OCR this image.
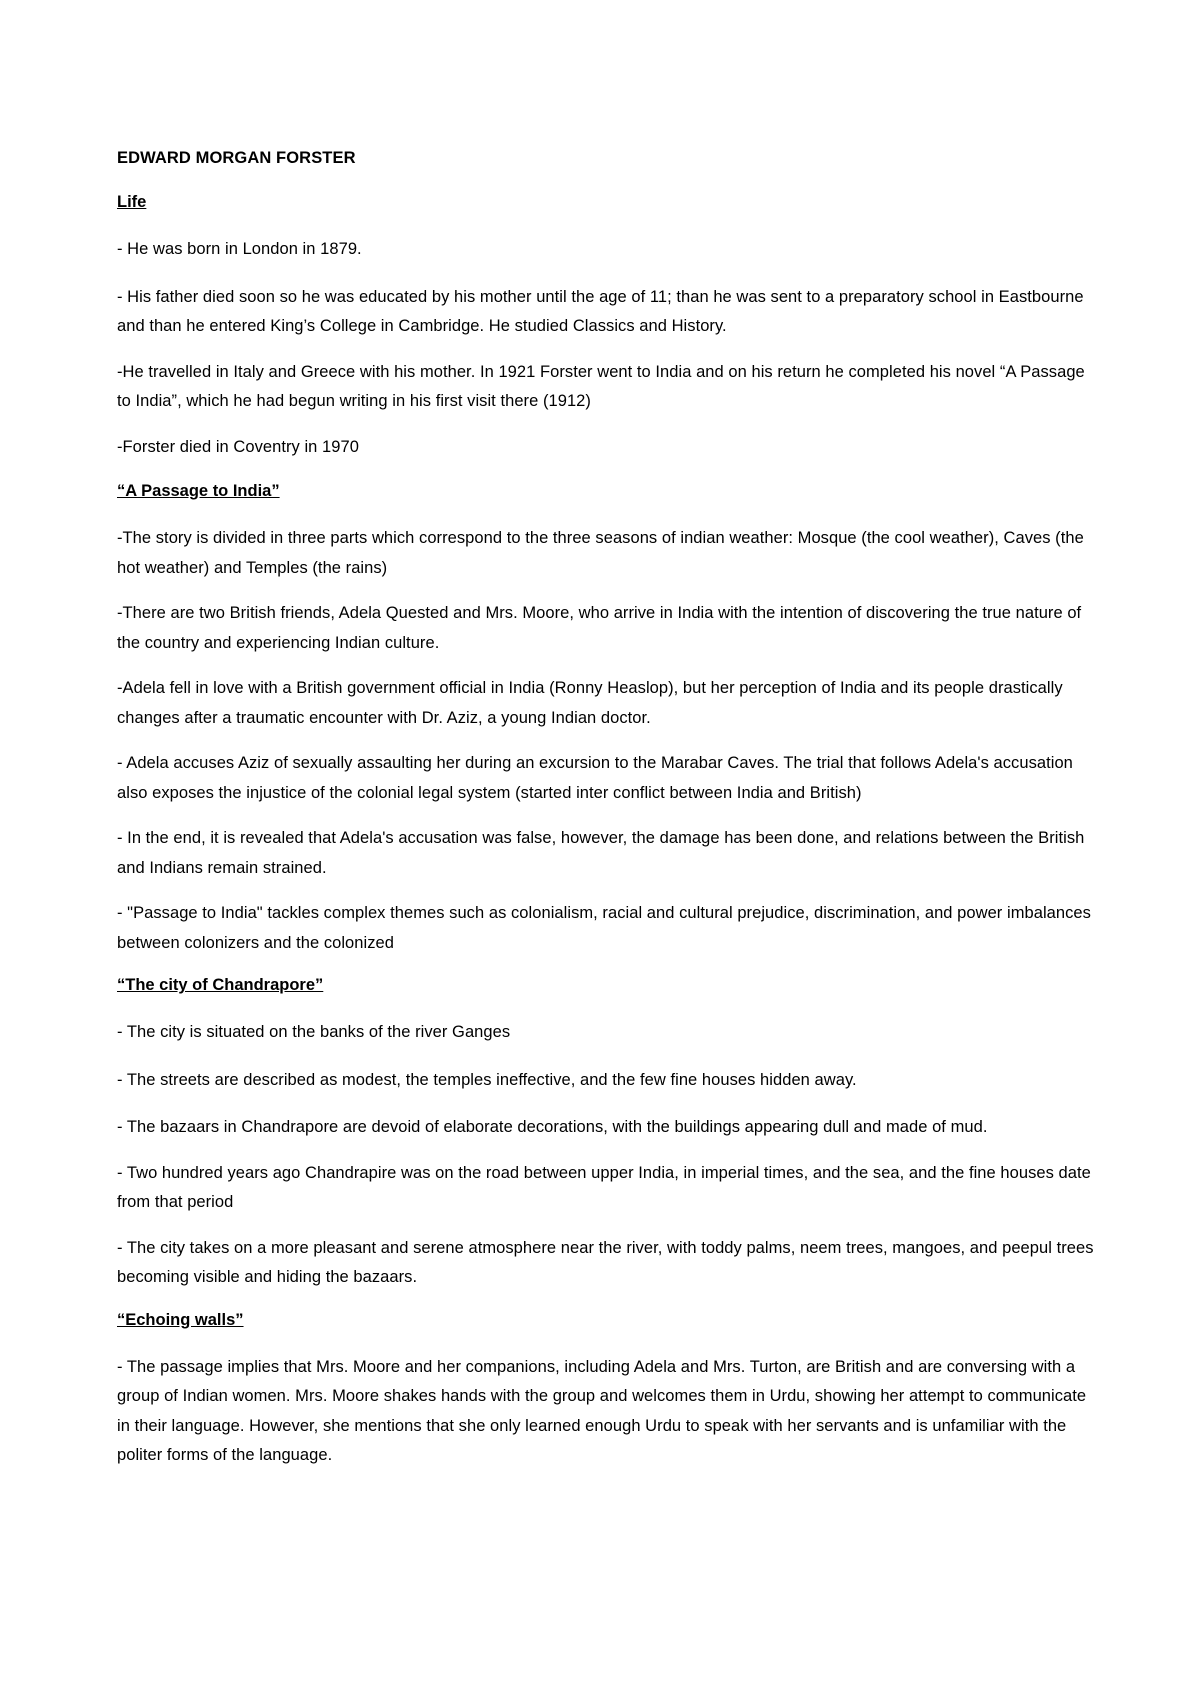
EDWARD MORGAN FORSTER
Life

- He was born in London in 1879.

- His father died soon so he was educated by his mother until the age of 11; than he was sent to a preparatory school in Eastbourne and than he entered King’s College in Cambridge. He studied Classics and History.

-He travelled in Italy and Greece with his mother. In 1921 Forster went to India and on his return he completed his novel “A Passage to India”, which he had begun writing in his first visit there (1912)

-Forster died in Coventry in 1970

“A Passage to India”

-The story is divided in three parts which correspond to the three seasons of indian weather: Mosque (the cool weather), Caves (the hot weather) and Temples (the rains)

-There are two British friends, Adela Quested and Mrs. Moore, who arrive in India with the intention of discovering the true nature of the country and experiencing Indian culture.

-Adela fell in love with a British government official in India (Ronny Heaslop), but her perception of India and its people drastically changes after a traumatic encounter with Dr. Aziz, a young Indian doctor.

- Adela accuses Aziz of sexually assaulting her during an excursion to the Marabar Caves. The trial that follows Adela's accusation also exposes the injustice of the colonial legal system (started inter conflict between India and British)

- In the end, it is revealed that Adela's accusation was false, however, the damage has been done, and relations between the British and Indians remain strained.

- "Passage to India" tackles complex themes such as colonialism, racial and cultural prejudice, discrimination, and power imbalances between colonizers and the colonized

“The city of Chandrapore”

- The city is situated on the banks of the river Ganges

- The streets are described as modest, the temples ineffective, and the few fine houses hidden away.

- The bazaars in Chandrapore are devoid of elaborate decorations, with the buildings appearing dull and made of mud.

- Two hundred years ago Chandrapire was on the road between upper India, in imperial times, and the sea, and the fine houses date from that period

- The city takes on a more pleasant and serene atmosphere near the river, with toddy palms, neem trees, mangoes, and peepul trees becoming visible and hiding the bazaars.

“Echoing walls”

- The passage implies that Mrs. Moore and her companions, including Adela and Mrs. Turton, are British and are conversing with a group of Indian women. Mrs. Moore shakes hands with the group and welcomes them in Urdu, showing her attempt to communicate in their language. However, she mentions that she only learned enough Urdu to speak with her servants and is unfamiliar with the politer forms of the language.
